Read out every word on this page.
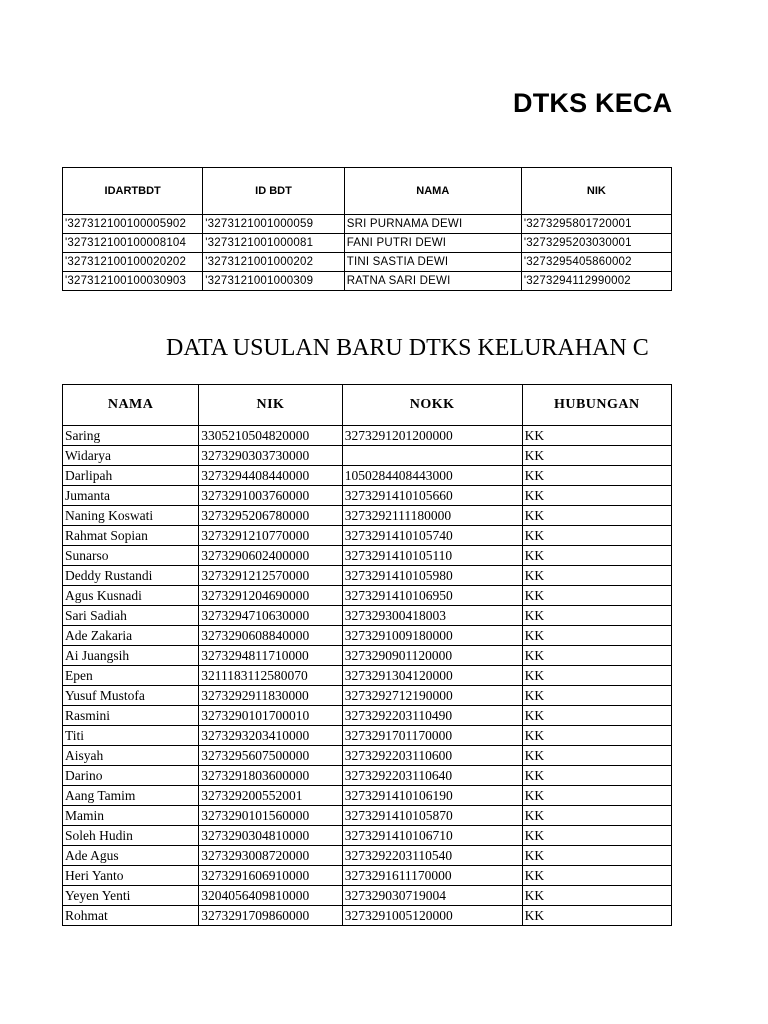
DTKS KECA
DATA USULAN BARU DTKS KELURAHAN C
IDARTBDT	ID BDT	NAMA	NIK
'327312100100005902	'3273121001000059	SRI PURNAMA DEWI	'3273295801720001
'327312100100008104	'3273121001000081	FANI PUTRI DEWI	'3273295203030001
'327312100100020202	'3273121001000202	TINI SASTIA DEWI	'3273295405860002
'327312100100030903	'3273121001000309	RATNA SARI DEWI	'3273294112990002
NAMA	NIK	NOKK	HUBUNGAN
Saring	3305210504820000	3273291201200000	KK
Widarya	3273290303730000		KK
Darlipah	3273294408440000	1050284408443000	KK
Jumanta	3273291003760000	3273291410105660	KK
Naning Koswati	3273295206780000	3273292111180000	KK
Rahmat Sopian	3273291210770000	3273291410105740	KK
Sunarso	3273290602400000	3273291410105110	KK
Deddy Rustandi	3273291212570000	3273291410105980	KK
Agus Kusnadi	3273291204690000	3273291410106950	KK
Sari Sadiah	3273294710630000	327329300418003	KK
Ade Zakaria	3273290608840000	3273291009180000	KK
Ai Juangsih	3273294811710000	3273290901120000	KK
Epen	3211183112580070	3273291304120000	KK
Yusuf Mustofa	3273292911830000	3273292712190000	KK
Rasmini	3273290101700010	3273292203110490	KK
Titi	3273293203410000	3273291701170000	KK
Aisyah	3273295607500000	3273292203110600	KK
Darino	3273291803600000	3273292203110640	KK
Aang Tamim	327329200552001	3273291410106190	KK
Mamin	3273290101560000	3273291410105870	KK
Soleh Hudin	3273290304810000	3273291410106710	KK
Ade Agus	3273293008720000	3273292203110540	KK
Heri Yanto	3273291606910000	3273291611170000	KK
Yeyen Yenti	3204056409810000	327329030719004	KK
Rohmat	3273291709860000	3273291005120000	KK
